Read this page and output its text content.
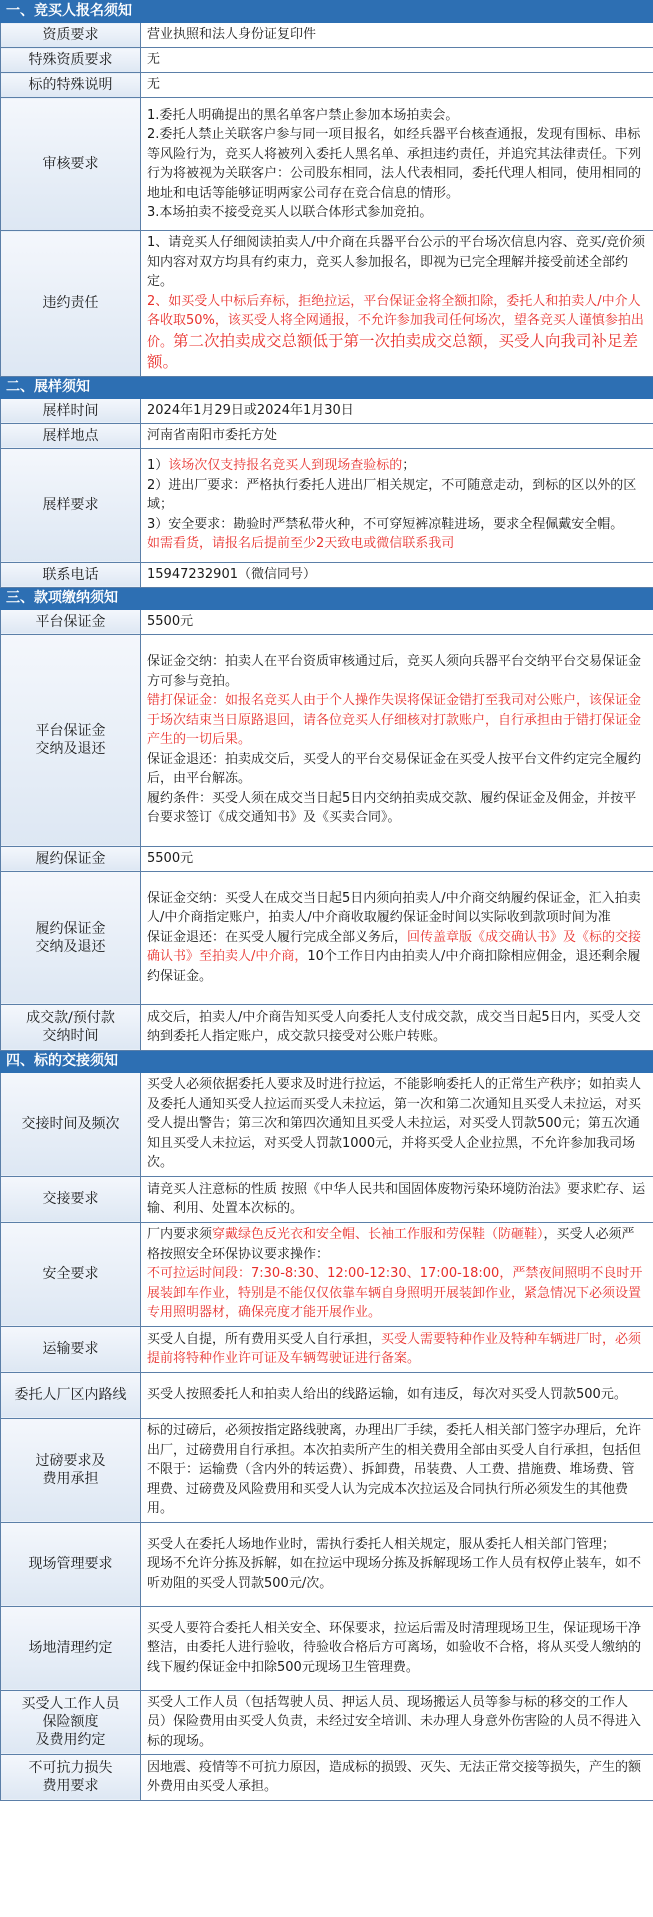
一、竞买人报名须知	
资质要求	营业执照和法人身份证复印件
特殊资质要求	无
标的特殊说明	无
审核要求	1.委托人明确提出的黑名单客户禁止参加本场拍卖会。
2.委托人禁止关联客户参与同一项目报名，如经兵器平台核查通报，发现有围标、串标等风险行为，竞买人将被列入委托人黑名单、承担违约责任，并追究其法律责任。下列行为将被视为关联客户：公司股东相同，法人代表相同，委托代理人相同，使用相同的地址和电话等能够证明两家公司存在竞合信息的情形。
3.本场拍卖不接受竞买人以联合体形式参加竞拍。

违约责任	1、请竞买人仔细阅读拍卖人/中介商在兵器平台公示的平台场次信息内容、竞买/竞价须知内容对双方均具有约束力，竞买人参加报名，即视为已完全理解并接受前述全部约定。
2、如买受人中标后弃标，拒绝拉运，平台保证金将全额扣除，委托人和拍卖人/中介人各收取50%，该买受人将全网通报，不允许参加我司任何场次，望各竞买人谨慎参拍出价。第二次拍卖成交总额低于第一次拍卖成交总额，买受人向我司补足差额。

二、展样须知	
展样时间	2024年1月29日或2024年1月30日
展样地点	河南省南阳市委托方处
展样要求	1）该场次仅支持报名竞买人到现场查验标的；
2）进出厂要求：严格执行委托人进出厂相关规定，不可随意走动，到标的区以外的区域；
3）安全要求：勘验时严禁私带火种，不可穿短裤凉鞋进场，要求全程佩戴安全帽。
如需看货，请报名后提前至少2天致电或微信联系我司

联系电话	15947232901（微信同号）
三、款项缴纳须知	
平台保证金	5500元

平台保证金
交纳及退还	保证金交纳：拍卖人在平台资质审核通过后，竞买人须向兵器平台交纳平台交易保证金方可参与竞拍。
错打保证金：如报名竞买人由于个人操作失误将保证金错打至我司对公账户，该保证金于场次结束当日原路退回，请各位竞买人仔细核对打款账户，自行承担由于错打保证金产生的一切后果。
保证金退还：拍卖成交后，买受人的平台交易保证金在买受人按平台文件约定完全履约后，由平台解冻。
履约条件：买受人须在成交当日起5日内交纳拍卖成交款、履约保证金及佣金，并按平台要求签订《成交通知书》及《买卖合同》。

履约保证金	5500元

履约保证金
交纳及退还	保证金交纳：买受人在成交当日起5日内须向拍卖人/中介商交纳履约保证金，汇入拍卖人/中介商指定账户，拍卖人/中介商收取履约保证金时间以实际收到款项时间为准
保证金退还：在买受人履行完成全部义务后，回传盖章版《成交确认书》及《标的交接确认书》至拍卖人/中介商，10个工作日内由拍卖人/中介商扣除相应佣金，退还剩余履约保证金。

成交款/预付款
交纳时间	成交后，拍卖人/中介商告知买受人向委托人支付成交款，成交当日起5日内，买受人交纳到委托人指定账户，成交款只接受对公账户转账。
四、标的交接须知	
交接时间及频次	买受人必须依据委托人要求及时进行拉运，不能影响委托人的正常生产秩序；如拍卖人及委托人通知买受人拉运而买受人未拉运，第一次和第二次通知且买受人未拉运，对买受人提出警告；第三次和第四次通知且买受人未拉运，对买受人罚款500元；第五次通知且买受人未拉运，对买受人罚款1000元，并将买受人企业拉黑，不允许参加我司场次。
交接要求	请竞买人注意标的性质 按照《中华人民共和国固体废物污染环境防治法》要求贮存、运输、利用、处置本次标的。
安全要求	厂内要求须穿戴绿色反光衣和安全帽、长袖工作服和劳保鞋（防砸鞋），买受人必须严格按照安全环保协议要求操作：
不可拉运时间段：7:30-8:30、12:00-12:30、17:00-18:00，严禁夜间照明不良时开展装卸车作业，特别是不能仅仅依靠车辆自身照明开展装卸作业，紧急情况下必须设置专用照明器材，确保亮度才能开展作业。

运输要求	买受人自提，所有费用买受人自行承担，买受人需要特种作业及特种车辆进厂时，必须提前将特种作业许可证及车辆驾驶证进行备案。
委托人厂区内路线	买受人按照委托人和拍卖人给出的线路运输，如有违反，每次对买受人罚款500元。

过磅要求及
费用承担	标的过磅后，必须按指定路线驶离，办理出厂手续，委托人相关部门签字办理后，允许出厂，过磅费用自行承担。本次拍卖所产生的相关费用全部由买受人自行承担，包括但不限于：运输费（含内外的转运费）、拆卸费，吊装费、人工费、措施费、堆场费、管理费、过磅费及风险费用和买受人认为完成本次拉运及合同执行所必须发生的其他费用。
现场管理要求	买受人在委托人场地作业时，需执行委托人相关规定，服从委托人相关部门管理；
现场不允许分拣及拆解，如在拉运中现场分拣及拆解现场工作人员有权停止装车，如不听劝阻的买受人罚款500元/次。

场地清理约定	买受人要符合委托人相关安全、环保要求，拉运后需及时清理现场卫生，保证现场干净整洁，由委托人进行验收，待验收合格后方可离场，如验收不合格，将从买受人缴纳的线下履约保证金中扣除500元现场卫生管理费。

买受人工作人员
保险额度
及费用约定	买受人工作人员（包括驾驶人员、押运人员、现场搬运人员等参与标的移交的工作人员）保险费用由买受人负责，未经过安全培训、未办理人身意外伤害险的人员不得进入标的现场。

不可抗力损失
费用要求	因地震、疫情等不可抗力原因，造成标的损毁、灭失、无法正常交接等损失，产生的额外费用由买受人承担。
